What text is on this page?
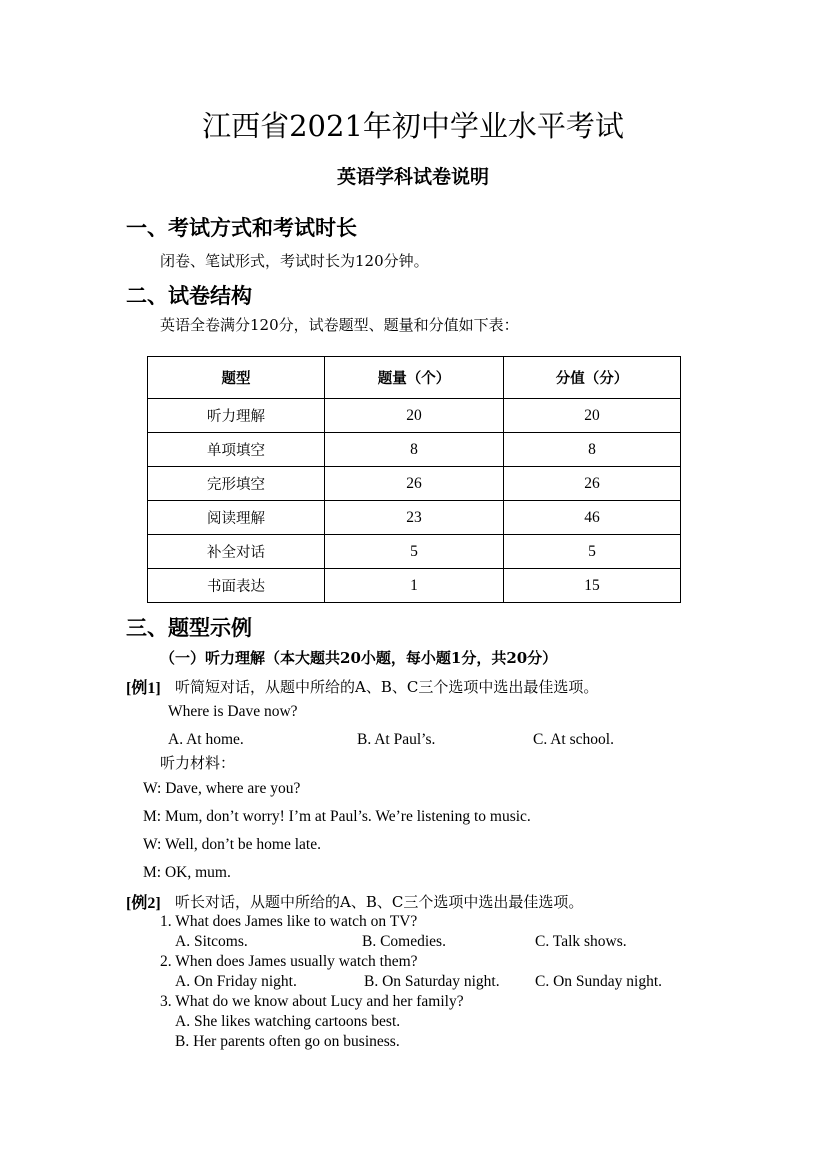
江西省2021年初中学业水平考试
英语学科试卷说明
一、考试方式和考试时长
闭卷、笔试形式，考试时长为120分钟。
二、试卷结构
英语全卷满分120分，试卷题型、题量和分值如下表：
题型	题量（个）	分值（分）
听力理解	20	20
单项填空	8	8
完形填空	26	26
阅读理解	23	46
补全对话	5	5
书面表达	1	15
三、题型示例
（一）听力理解（本大题共20小题，每小题1分，共20分）
[例1] 听简短对话，从题中所给的A、B、C三个选项中选出最佳选项。
Where is Dave now?
A. At home.	B. At Paul’s.	C. At school.
听力材料：
W: Dave, where are you?
M: Mum, don’t worry! I’m at Paul’s. We’re listening to music.
W: Well, don’t be home late.
M: OK, mum.
[例2] 听长对话，从题中所给的A、B、C三个选项中选出最佳选项。
1. What does James like to watch on TV?
A. Sitcoms.	B. Comedies.	C. Talk shows.
2. When does James usually watch them?
A. On Friday night.	B. On Saturday night. C. On Sunday night.
3. What do we know about Lucy and her family?
A. She likes watching cartoons best.
B. Her parents often go on business.
